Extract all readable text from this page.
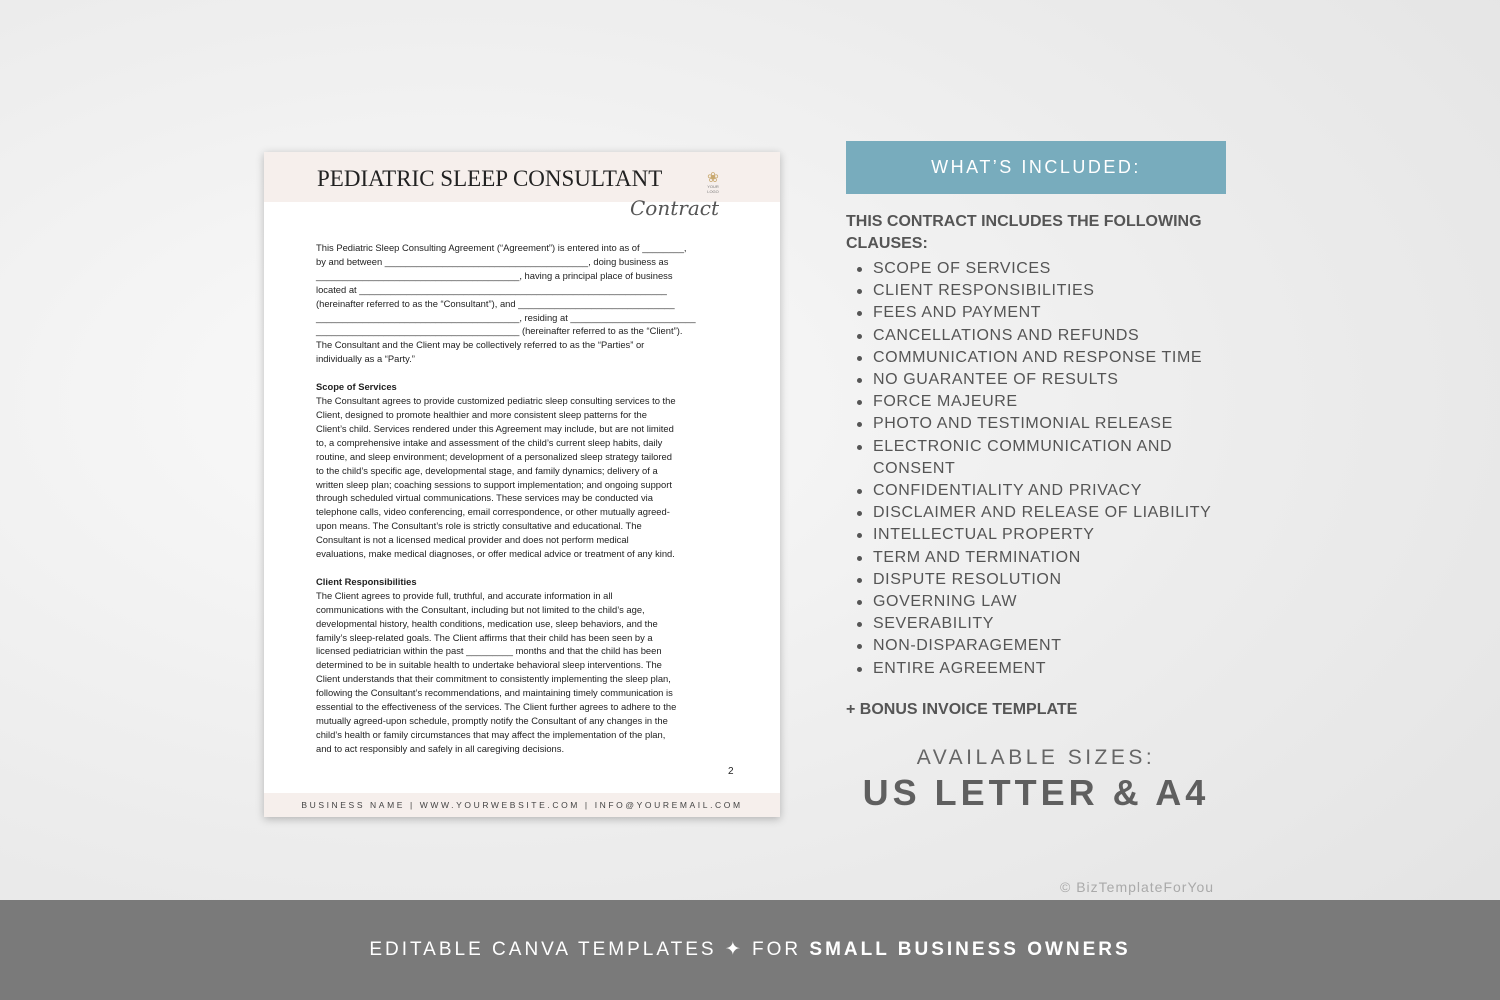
PEDIATRIC SLEEP CONSULTANT	❀
YOUR LOGO
Contract
This Pediatric Sleep Consulting Agreement (“Agreement”) is entered into as of ________,
by and between _______________________________________, doing business as
_______________________________________, having a principal place of business
located at ___________________________________________________________
(hereinafter referred to as the “Consultant”), and ______________________________
_______________________________________, residing at ________________________
_______________________________________ (hereinafter referred to as the “Client”).
The Consultant and the Client may be collectively referred to as the “Parties” or
individually as a “Party.”
Scope of Services
The Consultant agrees to provide customized pediatric sleep consulting services to the
Client, designed to promote healthier and more consistent sleep patterns for the
Client’s child. Services rendered under this Agreement may include, but are not limited
to, a comprehensive intake and assessment of the child’s current sleep habits, daily
routine, and sleep environment; development of a personalized sleep strategy tailored
to the child’s specific age, developmental stage, and family dynamics; delivery of a
written sleep plan; coaching sessions to support implementation; and ongoing support
through scheduled virtual communications. These services may be conducted via
telephone calls, video conferencing, email correspondence, or other mutually agreed-
upon means. The Consultant’s role is strictly consultative and educational. The
Consultant is not a licensed medical provider and does not perform medical
evaluations, make medical diagnoses, or offer medical advice or treatment of any kind.
Client Responsibilities
The Client agrees to provide full, truthful, and accurate information in all
communications with the Consultant, including but not limited to the child’s age,
developmental history, health conditions, medication use, sleep behaviors, and the
family’s sleep-related goals. The Client affirms that their child has been seen by a
licensed pediatrician within the past _________ months and that the child has been
determined to be in suitable health to undertake behavioral sleep interventions. The
Client understands that their commitment to consistently implementing the sleep plan,
following the Consultant’s recommendations, and maintaining timely communication is
essential to the effectiveness of the services. The Client further agrees to adhere to the
mutually agreed-upon schedule, promptly notify the Consultant of any changes in the
child’s health or family circumstances that may affect the implementation of the plan,
and to act responsibly and safely in all caregiving decisions.
2
BUSINESS NAME | WWW.YOURWEBSITE.COM | INFO@YOUREMAIL.COM
WHAT’S INCLUDED:
THIS CONTRACT INCLUDES THE FOLLOWING CLAUSES:
SCOPE OF SERVICES
CLIENT RESPONSIBILITIES
FEES AND PAYMENT
CANCELLATIONS AND REFUNDS
COMMUNICATION AND RESPONSE TIME
NO GUARANTEE OF RESULTS
FORCE MAJEURE
PHOTO AND TESTIMONIAL RELEASE
ELECTRONIC COMMUNICATION AND CONSENT
CONFIDENTIALITY AND PRIVACY
DISCLAIMER AND RELEASE OF LIABILITY
INTELLECTUAL PROPERTY
TERM AND TERMINATION
DISPUTE RESOLUTION
GOVERNING LAW
SEVERABILITY
NON-DISPARAGEMENT
ENTIRE AGREEMENT
+ BONUS INVOICE TEMPLATE
AVAILABLE SIZES:
US LETTER & A4
© BizTemplateForYou
EDITABLE CANVA TEMPLATES ✦ FOR SMALL BUSINESS OWNERS
